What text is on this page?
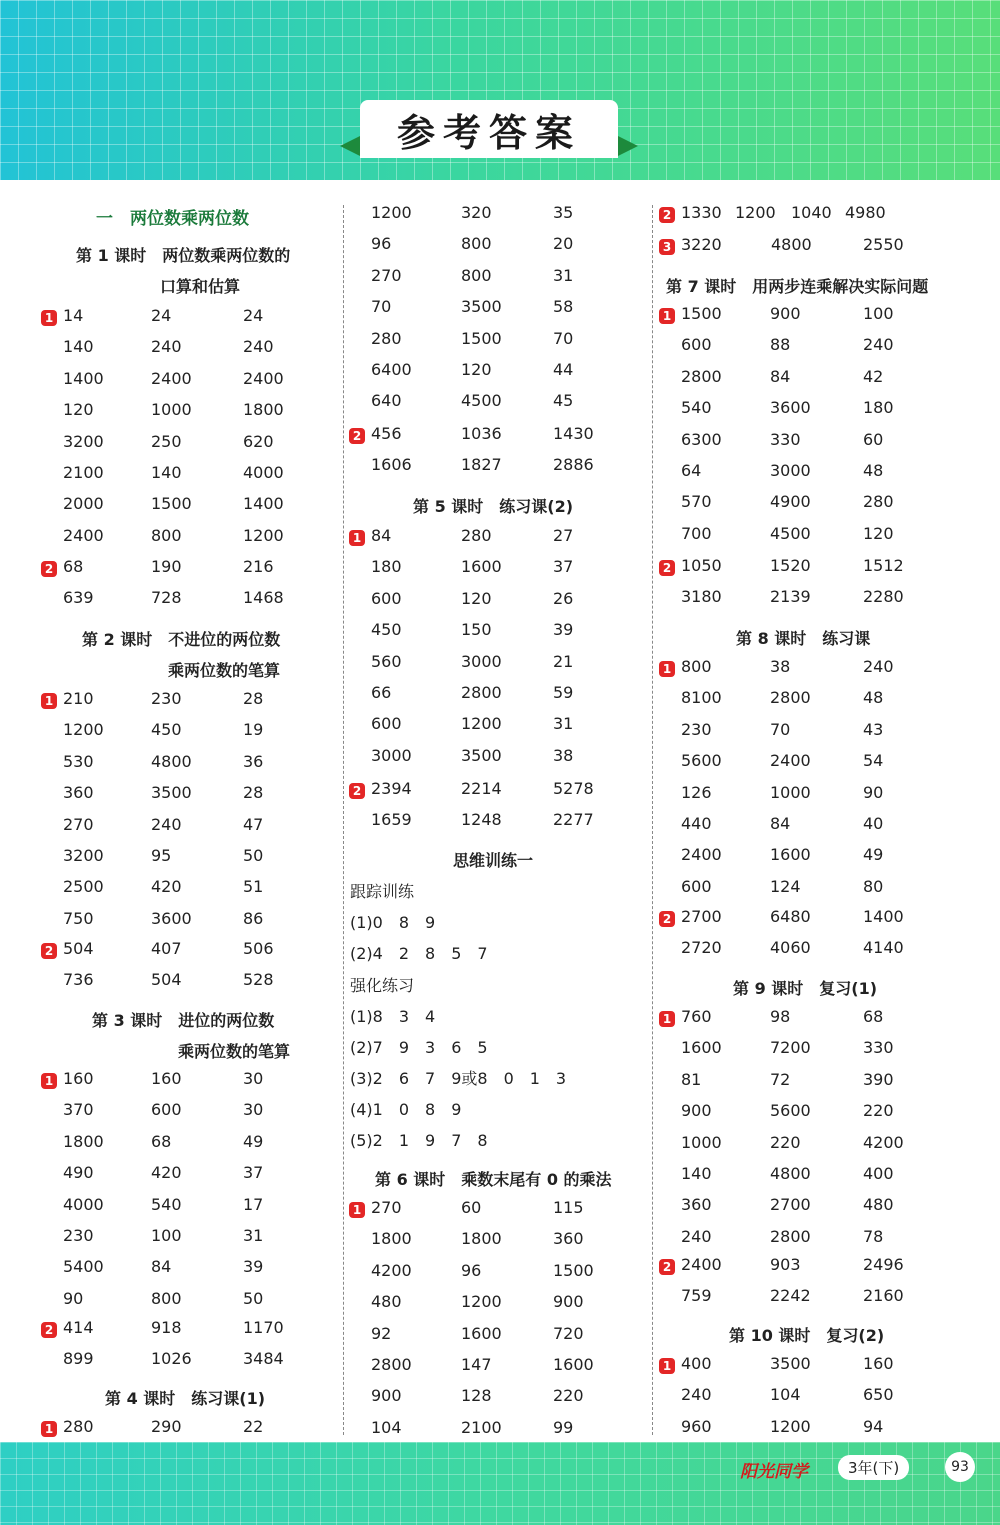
参考答案
一　两位数乘两位数
第 1 课时　两位数乘两位数的
口算和估算
1 14	24	24
140	240	240
1400	2400	2400
120	1000	1800
3200	250	620
2100	140	4000
2000	1500	1400
2400	800	1200
2 68	190	216
639	728	1468
第 2 课时　不进位的两位数
乘两位数的笔算
1 210	230	28
1200	450	19
530	4800	36
360	3500	28
270	240	47
3200	95	50
2500	420	51
750	3600	86
2 504	407	506
736	504	528
第 3 课时　进位的两位数
乘两位数的笔算
1 160	160	30
370	600	30
1800	68	49
490	420	37
4000	540	17
230	100	31
5400	84	39
90	800	50
2 414	918	1170
899	1026	3484
第 4 课时　练习课(1)
1 280	290	22
1200	320	35
96	800	20
270	800	31
70	3500	58
280	1500	70
6400	120	44
640	4500	45
2 456	1036	1430
1606	1827	2886
第 5 课时　练习课(2)
1 84	280	27
180	1600	37
600	120	26
450	150	39
560	3000	21
66	2800	59
600	1200	31
3000	3500	38
2 2394	2214	5278
1659	1248	2277
思维训练一
跟踪训练
(1)0　8　9
(2)4　2　8　5　7
强化练习
(1)8　3　4
(2)7　9　3　6　5
(3)2　6　7　9或8　0　1　3
(4)1　0　8　9
(5)2　1　9　7　8
第 6 课时　乘数末尾有 0 的乘法
1 270	60	115
1800	1800	360
4200	96	1500
480	1200	900
92	1600	720
2800	147	1600
900	128	220
104	2100	99
2 1330 1200 1040 4980
3 3220	4800	2550
第 7 课时　用两步连乘解决实际问题
1 1500	900	100
600	88	240
2800	84	42
540	3600	180
6300	330	60
64	3000	48
570	4900	280
700	4500	120
2 1050	1520	1512
3180	2139	2280
第 8 课时　练习课
1 800	38	240
8100	2800	48
230	70	43
5600	2400	54
126	1000	90
440	84	40
2400	1600	49
600	124	80
2 2700	6480	1400
2720	4060	4140
第 9 课时　复习(1)
1 760	98	68
1600	7200	330
81	72	390
900	5600	220
1000	220	4200
140	4800	400
360	2700	480
240	2800	78
2 2400	903	2496
759	2242	2160
第 10 课时　复习(2)
1 400	3500	160
240	104	650
960	1200	94
阳光同学	3年(下)	93
